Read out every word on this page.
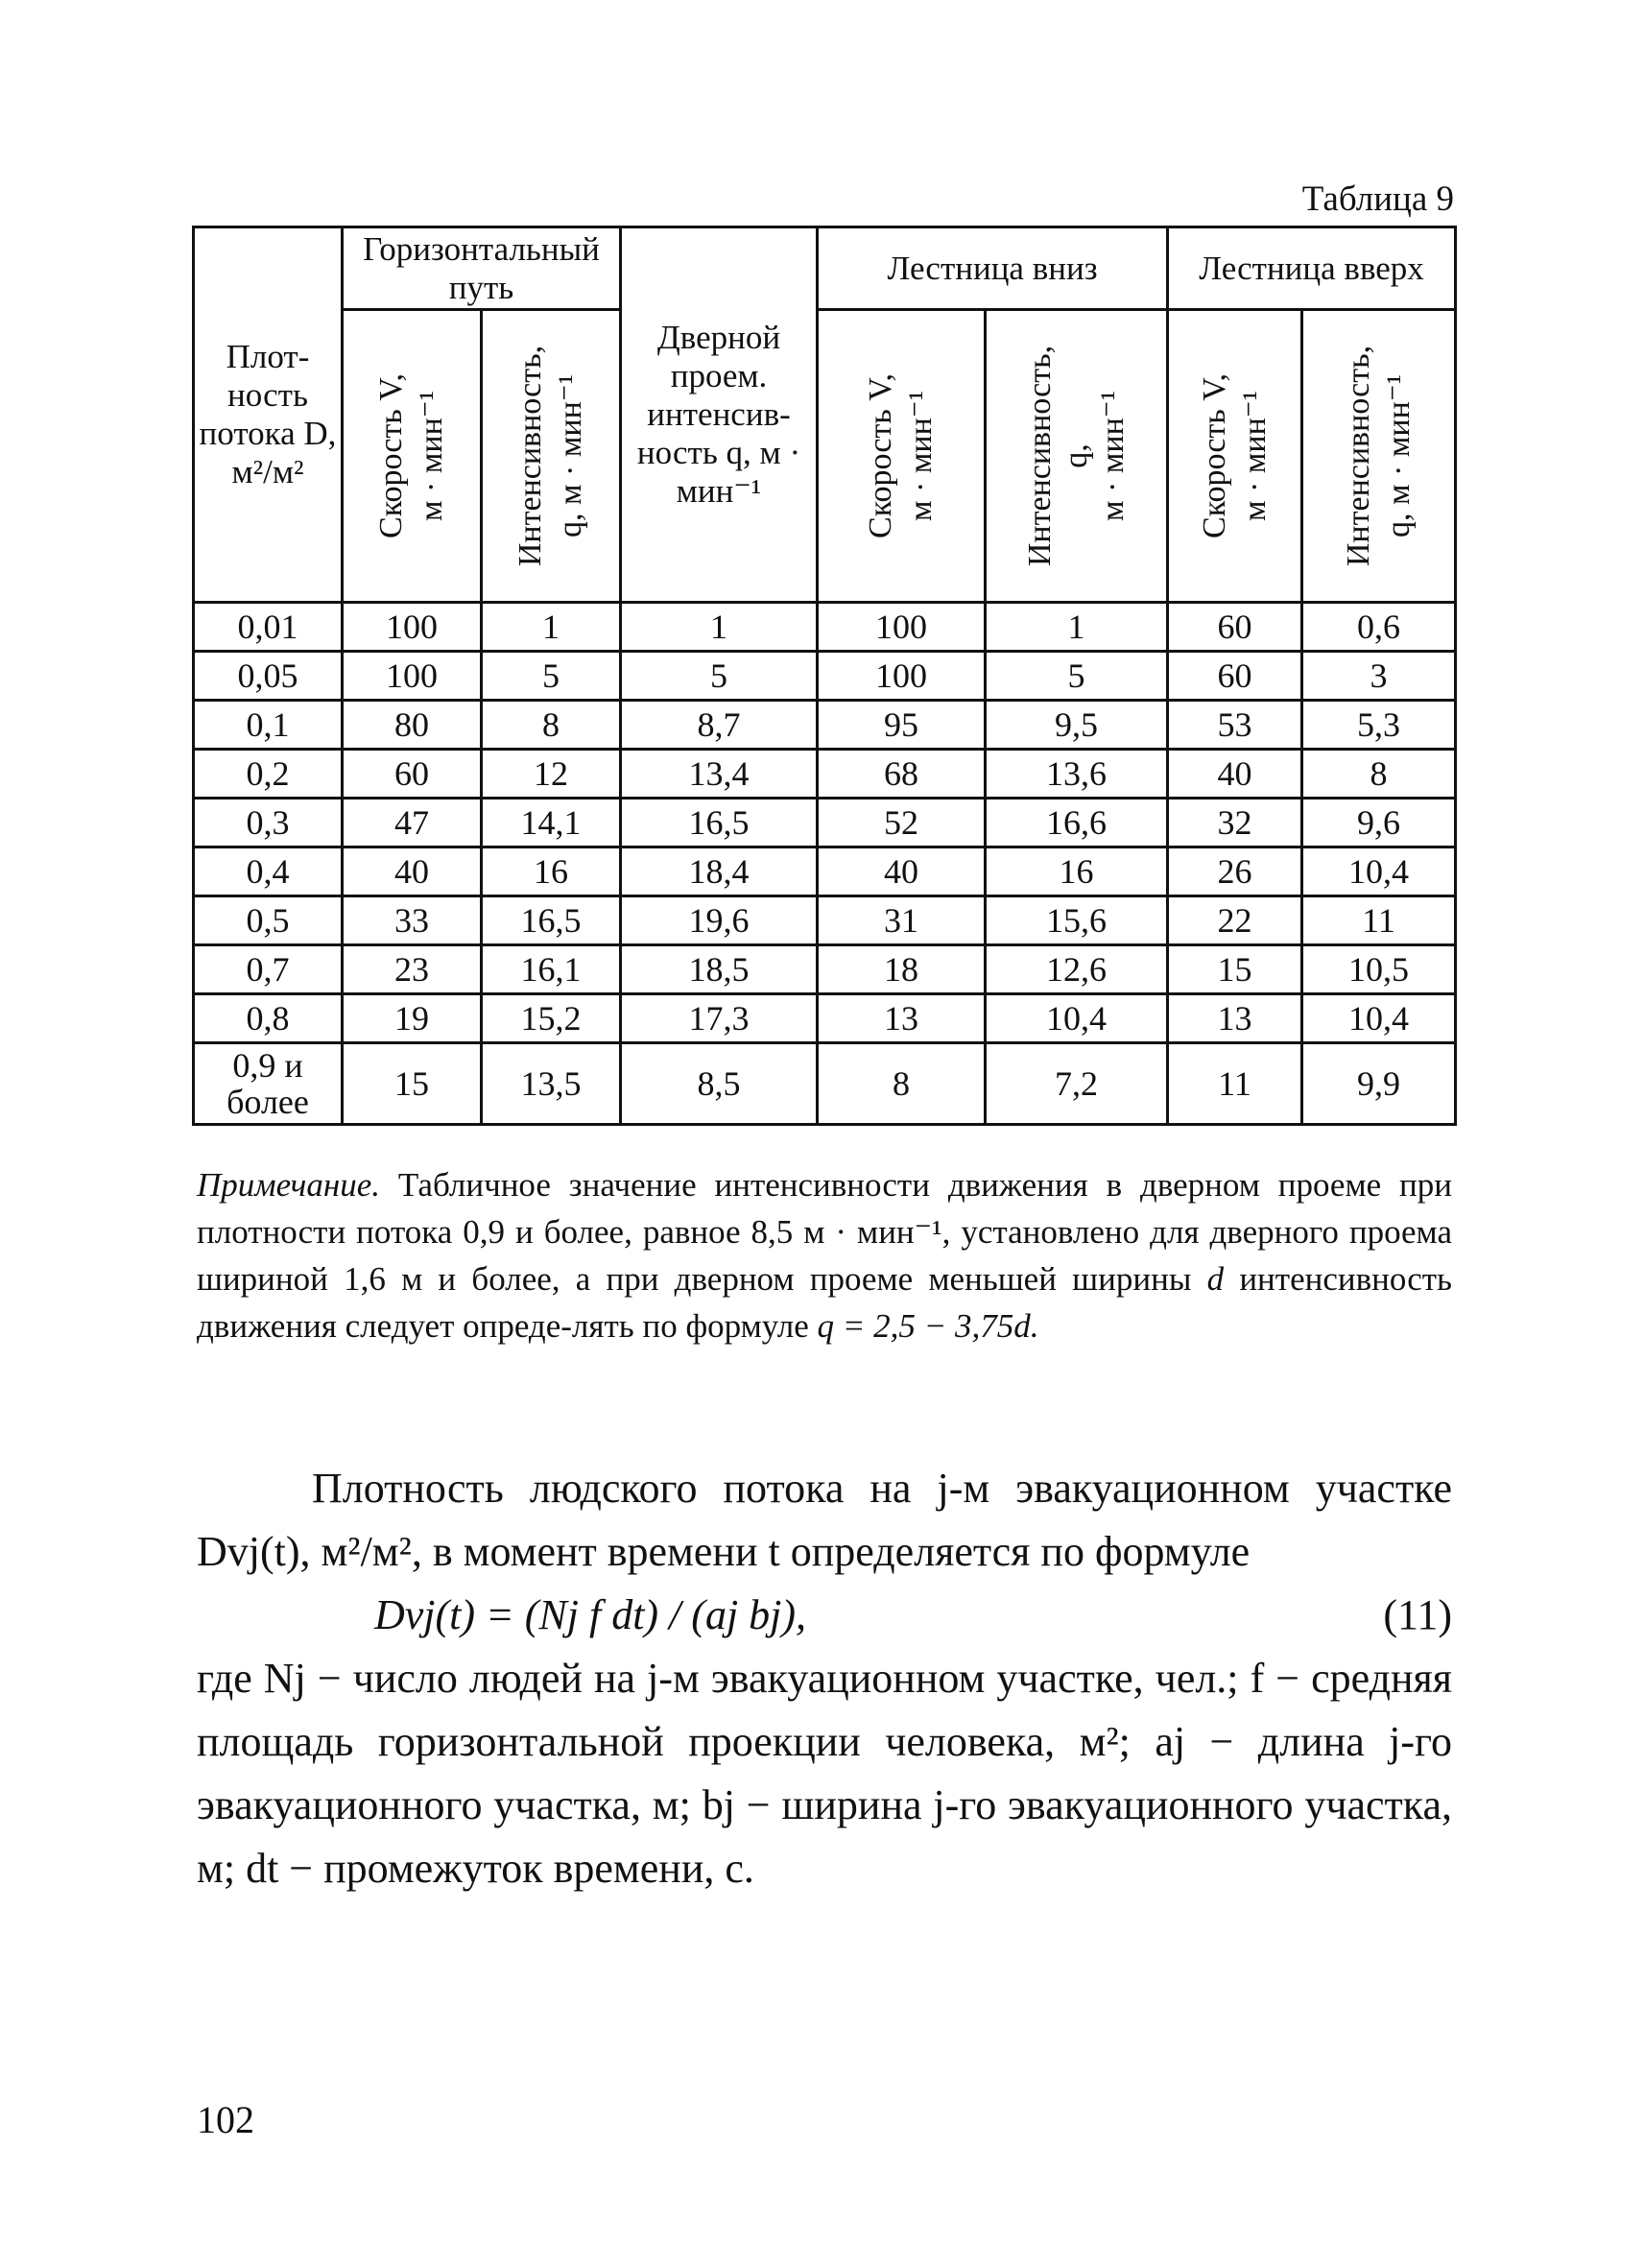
Таблица 9
Плот-ность потока D, м²/м²	Горизонтальный путь		Дверной проем. интенсив-ность q, м · мин⁻¹	Лестница вниз		Лестница вверх	

	Скорость V, м · мин⁻¹	Интенсивность, q, м · мин⁻¹		Скорость V, м · мин⁻¹	Интенсивность, q, м · мин⁻¹	Скорость V, м · мин⁻¹	Интенсивность, q, м · мин⁻¹

0,01	100	1	1	100	1	60	0,6
0,05	100	5	5	100	5	60	3
0,1	80	8	8,7	95	9,5	53	5,3
0,2	60	12	13,4	68	13,6	40	8
0,3	47	14,1	16,5	52	16,6	32	9,6
0,4	40	16	18,4	40	16	26	10,4
0,5	33	16,5	19,6	31	15,6	22	11
0,7	23	16,1	18,5	18	12,6	15	10,5
0,8	19	15,2	17,3	13	10,4	13	10,4
0,9 и более	15	13,5	8,5	8	7,2	11	9,9
Примечание. Табличное значение интенсивности движения в дверном проеме при плотности потока 0,9 и более, равное 8,5 м · мин⁻¹, установлено для дверного проема шириной 1,6 м и более, а при дверном проеме меньшей ширины d интенсивность движения следует опреде-лять по формуле q = 2,5 − 3,75d.

Плотность людского потока на j-м эвакуационном участке Dvj(t), м²/м², в момент времени t определяется по формуле

Dvj(t) = (Nj f dt) / (aj bj),	(11)

где Nj − число людей на j-м эвакуационном участке, чел.; f − средняя площадь горизонтальной проекции человека, м²; aj − длина j-го эвакуационного участка, м; bj − ширина j-го эвакуационного участка, м; dt − промежуток времени, с.

102
